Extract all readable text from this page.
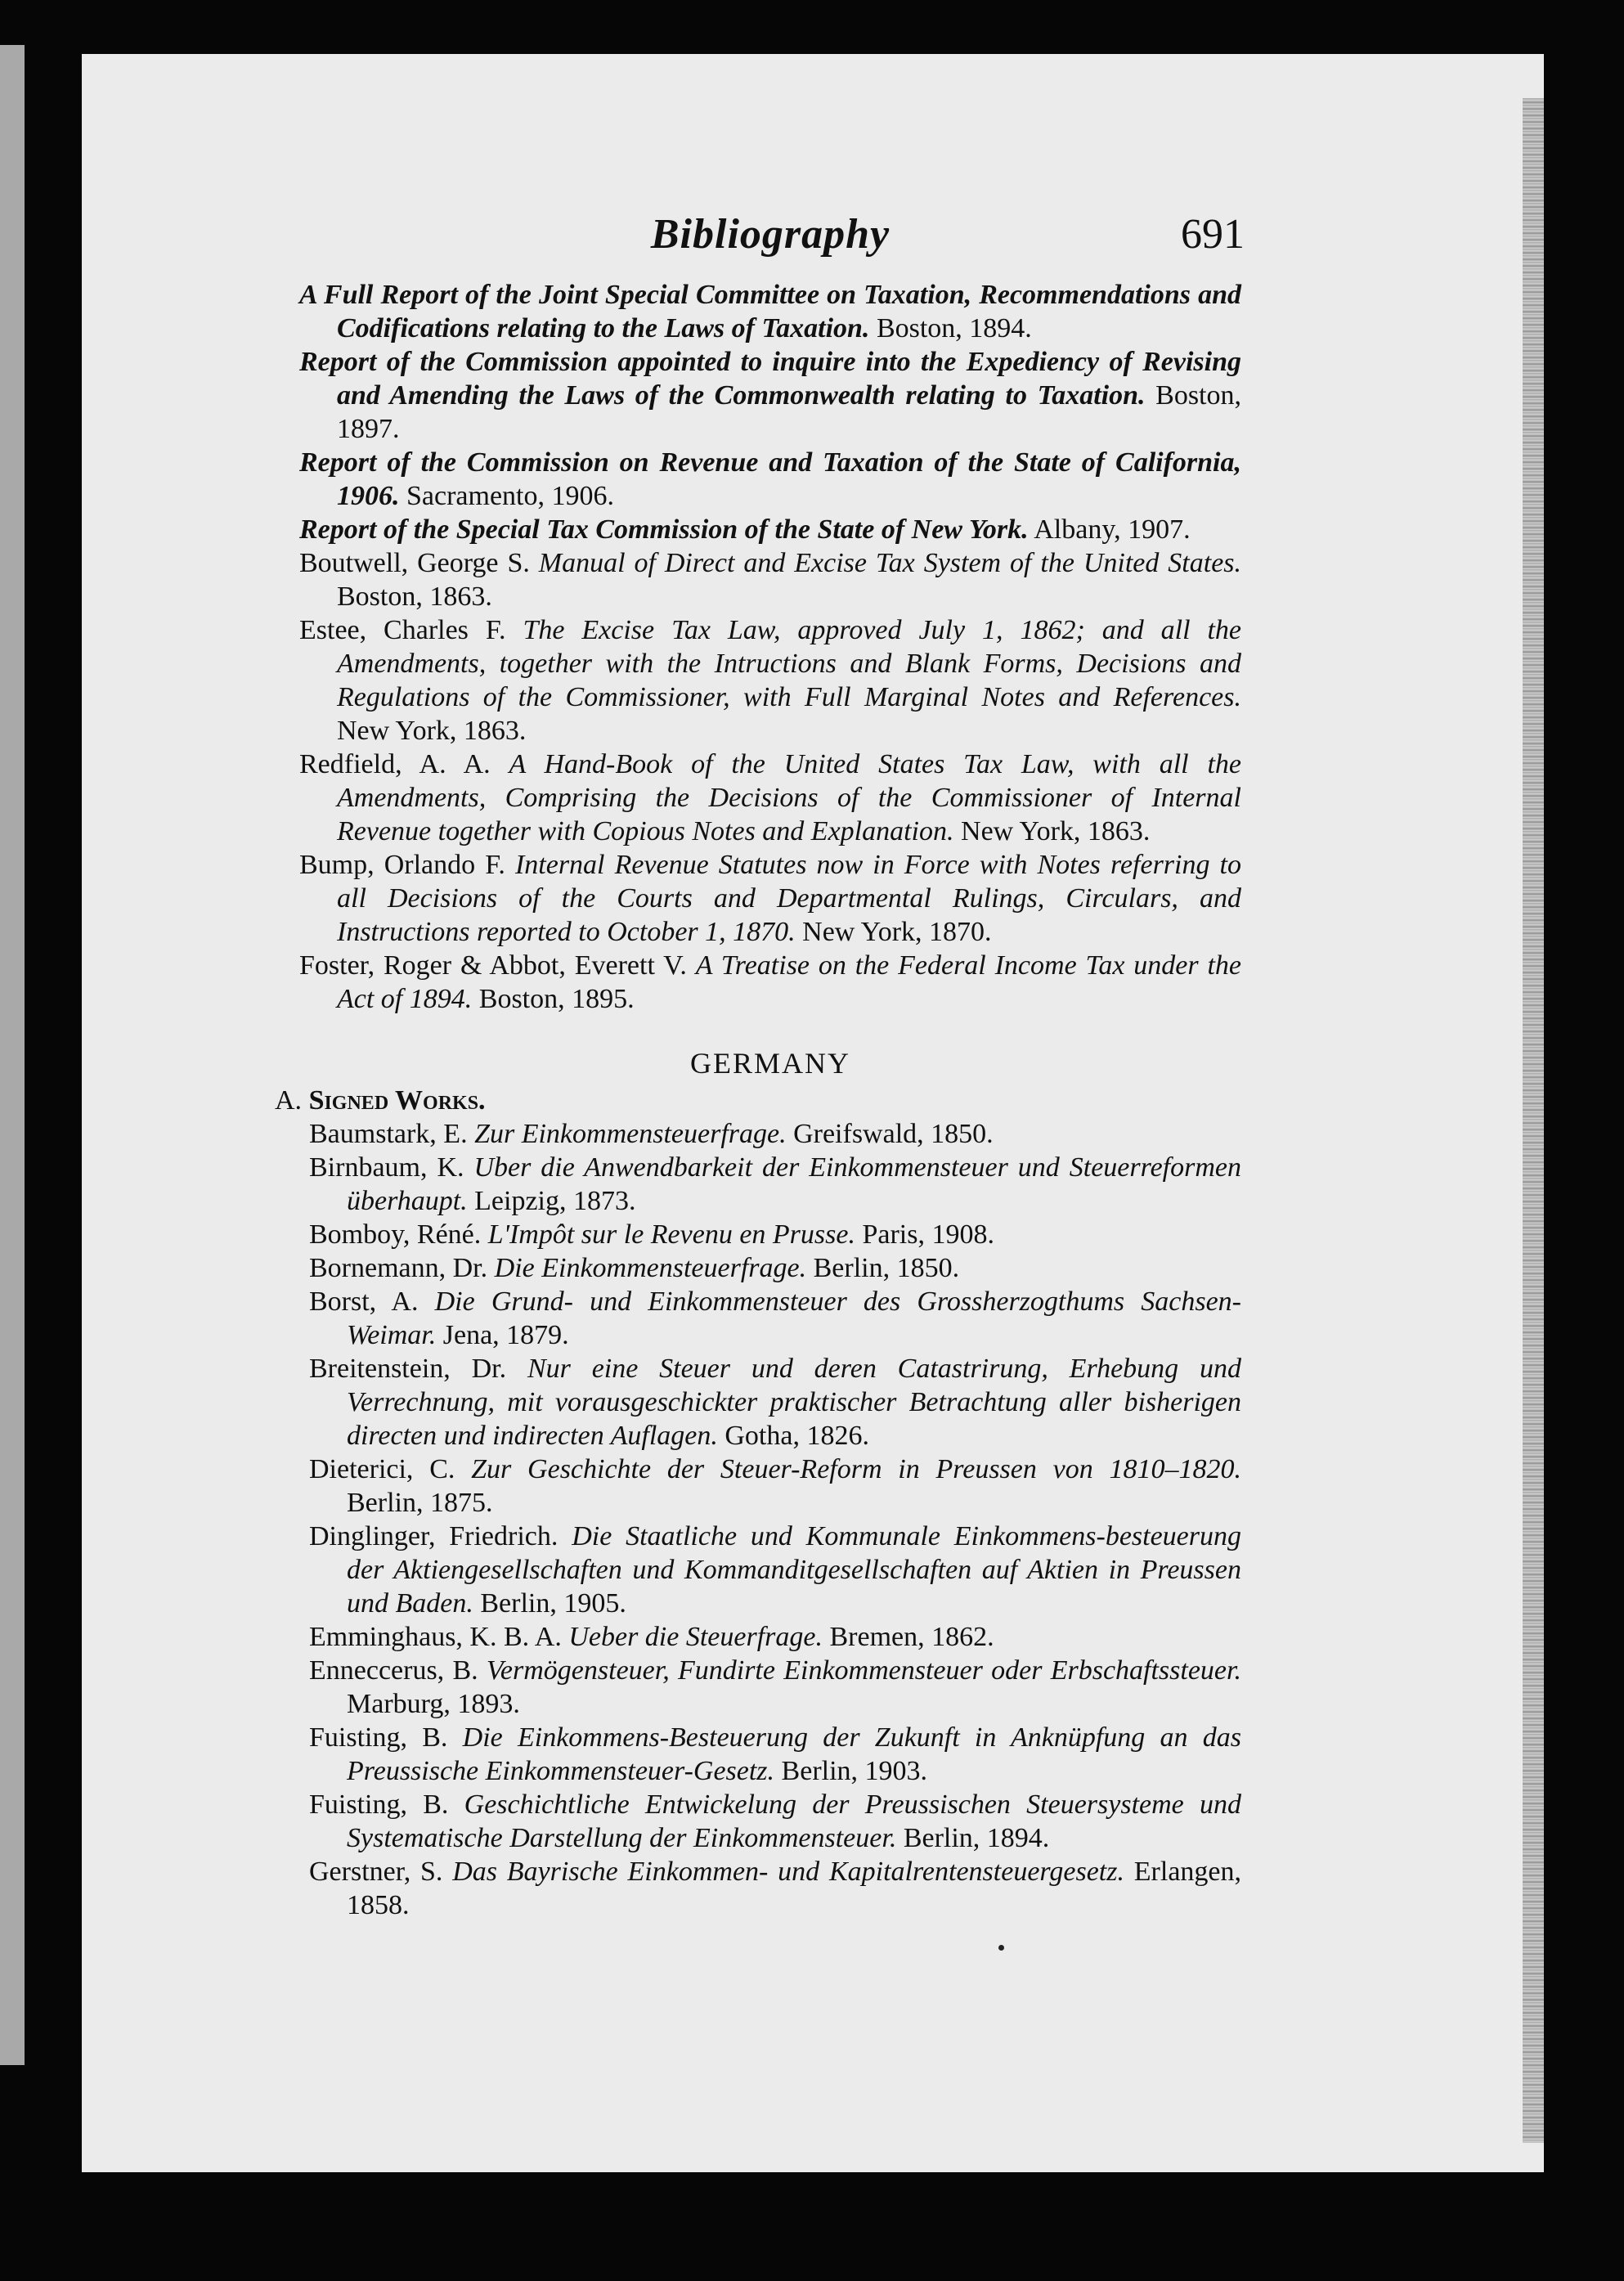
Bibliography	691

A Full Report of the Joint Special Committee on Taxation, Recommendations and Codifications relating to the Laws of Taxation. Boston, 1894.

Report of the Commission appointed to inquire into the Expediency of Revising and Amending the Laws of the Commonwealth relating to Taxation. Boston, 1897.

Report of the Commission on Revenue and Taxation of the State of California, 1906. Sacramento, 1906.

Report of the Special Tax Commission of the State of New York. Albany, 1907.

Boutwell, George S. Manual of Direct and Excise Tax System of the United States. Boston, 1863.

Estee, Charles F. The Excise Tax Law, approved July 1, 1862; and all the Amendments, together with the Intructions and Blank Forms, Decisions and Regulations of the Commissioner, with Full Marginal Notes and References. New York, 1863.

Redfield, A. A. A Hand-Book of the United States Tax Law, with all the Amendments, Comprising the Decisions of the Commissioner of Internal Revenue together with Copious Notes and Explanation. New York, 1863.

Bump, Orlando F. Internal Revenue Statutes now in Force with Notes referring to all Decisions of the Courts and Departmental Rulings, Circulars, and Instructions reported to October 1, 1870. New York, 1870.

Foster, Roger & Abbot, Everett V. A Treatise on the Federal Income Tax under the Act of 1894. Boston, 1895.

GERMANY
A. Signed Works.

Baumstark, E. Zur Einkommensteuerfrage. Greifswald, 1850.

Birnbaum, K. Uber die Anwendbarkeit der Einkommensteuer und Steuerreformen überhaupt. Leipzig, 1873.

Bomboy, Réné. L'Impôt sur le Revenu en Prusse. Paris, 1908.

Bornemann, Dr. Die Einkommensteuerfrage. Berlin, 1850.

Borst, A. Die Grund- und Einkommensteuer des Grossherzogthums Sachsen-Weimar. Jena, 1879.

Breitenstein, Dr. Nur eine Steuer und deren Catastrirung, Erhebung und Verrechnung, mit vorausgeschickter praktischer Betrachtung aller bisherigen directen und indirecten Auflagen. Gotha, 1826.

Dieterici, C. Zur Geschichte der Steuer-Reform in Preussen von 1810–1820. Berlin, 1875.

Dinglinger, Friedrich. Die Staatliche und Kommunale Einkommens-besteuerung der Aktiengesellschaften und Kommanditgesellschaften auf Aktien in Preussen und Baden. Berlin, 1905.

Emminghaus, K. B. A. Ueber die Steuerfrage. Bremen, 1862.

Enneccerus, B. Vermögensteuer, Fundirte Einkommensteuer oder Erbschaftssteuer. Marburg, 1893.

Fuisting, B. Die Einkommens-Besteuerung der Zukunft in Anknüpfung an das Preussische Einkommensteuer-Gesetz. Berlin, 1903.

Fuisting, B. Geschichtliche Entwickelung der Preussischen Steuersysteme und Systematische Darstellung der Einkommensteuer. Berlin, 1894.

Gerstner, S. Das Bayrische Einkommen- und Kapitalrentensteuergesetz. Erlangen, 1858.
